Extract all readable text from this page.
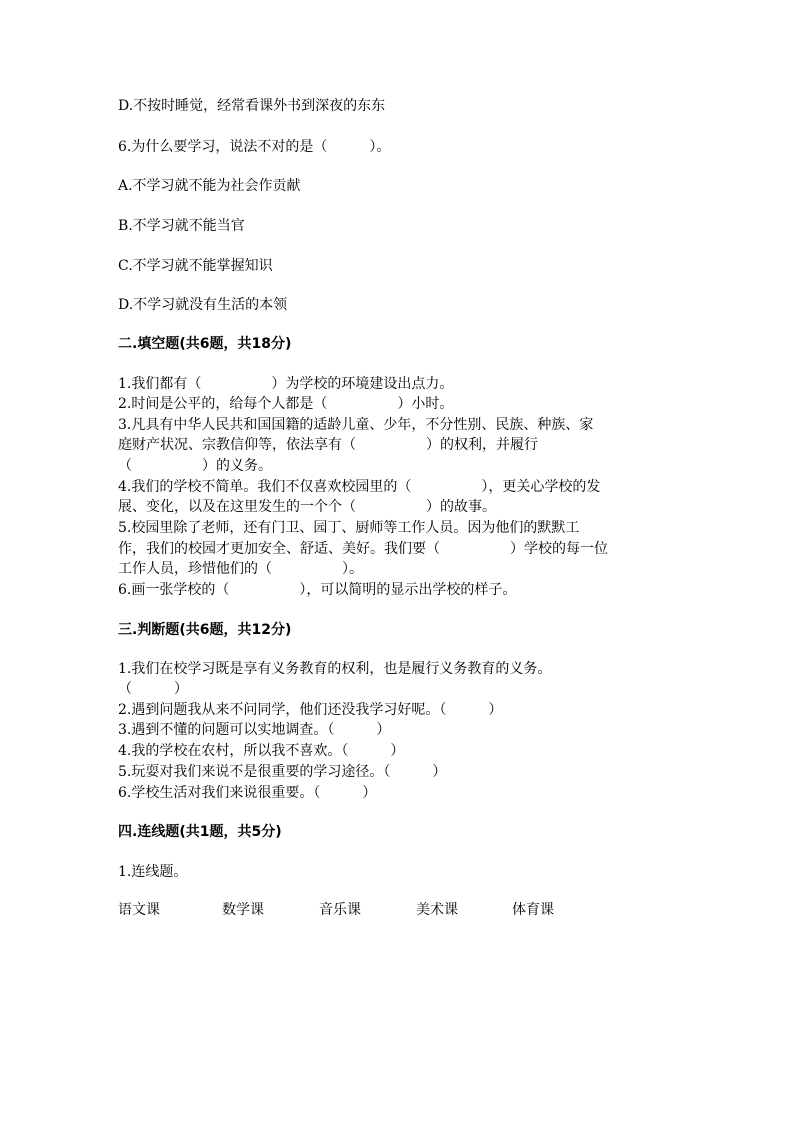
D.不按时睡觉，经常看课外书到深夜的东东
6.为什么要学习，说法不对的是（　　　）。
A.不学习就不能为社会作贡献
B.不学习就不能当官
C.不学习就不能掌握知识
D.不学习就没有生活的本领
二.填空题(共6题，共18分)
1.我们都有（　　　　　）为学校的环境建设出点力。
2.时间是公平的，给每个人都是（　　　　　）小时。
3.凡具有中华人民共和国国籍的适龄儿童、少年，不分性别、民族、种族、家
庭财产状况、宗教信仰等，依法享有（　　　　　）的权利，并履行
（　　　　　）的义务。
4.我们的学校不简单。我们不仅喜欢校园里的（　　　　　），更关心学校的发
展、变化，以及在这里发生的一个个（　　　　　）的故事。
5.校园里除了老师，还有门卫、园丁、厨师等工作人员。因为他们的默默工
作，我们的校园才更加安全、舒适、美好。我们要（　　　　　）学校的每一位
工作人员，珍惜他们的（　　　　　）。
6.画一张学校的（　　　　　），可以简明的显示出学校的样子。
三.判断题(共6题，共12分)
1.我们在校学习既是享有义务教育的权利，也是履行义务教育的义务。
（　　　）
2.遇到问题我从来不问同学，他们还没我学习好呢。（　　　）
3.遇到不懂的问题可以实地调查。（　　　）
4.我的学校在农村，所以我不喜欢。（　　　）
5.玩耍对我们来说不是很重要的学习途径。（　　　）
6.学校生活对我们来说很重要。（　　　）
四.连线题(共1题，共5分)
1.连线题。
语文课	数学课	音乐课	美术课	体育课
